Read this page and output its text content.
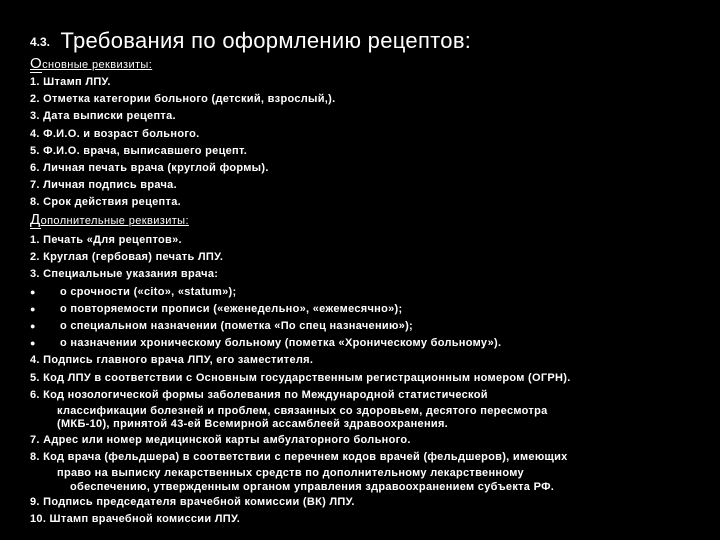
4.3. Требования по оформлению рецептов:
Основные реквизиты:
1. Штамп ЛПУ.
2. Отметка категории больного (детский, взрослый,).
3. Дата выписки рецепта.
4. Ф.И.О. и возраст больного.
5. Ф.И.О. врача, выписавшего рецепт.
6. Личная печать врача (круглой формы).
7. Личная подпись врача.
8. Срок действия рецепта.
Дополнительные реквизиты:
1. Печать «Для рецептов».
2. Круглая (гербовая) печать ЛПУ.
3. Специальные указания врача:
● о срочности («cito», «statum»);
● о повторяемости прописи («еженедельно», «ежемесячно»);
● о специальном назначении (пометка «По спец назначению»);
● о назначении хроническому больному (пометка «Хроническому больному»).
4. Подпись главного врача ЛПУ, его заместителя.
5. Код ЛПУ в соответствии с Основным государственным регистрационным номером (ОГРН).
6. Код нозологической формы заболевания по Международной статистической
классификации болезней и проблем, связанных со здоровьем, десятого пересмотра
(МКБ-10), принятой 43-ей Всемирной ассамблеей здравоохранения.
7. Адрес или номер медицинской карты амбулаторного больного.
8. Код врача (фельдшера) в соответствии с перечнем кодов врачей (фельдшеров), имеющих
право на выписку лекарственных средств по дополнительному лекарственному
обеспечению, утвержденным органом управления здравоохранением субъекта РФ.
9. Подпись председателя врачебной комиссии (ВК) ЛПУ.
10. Штамп врачебной комиссии ЛПУ.
